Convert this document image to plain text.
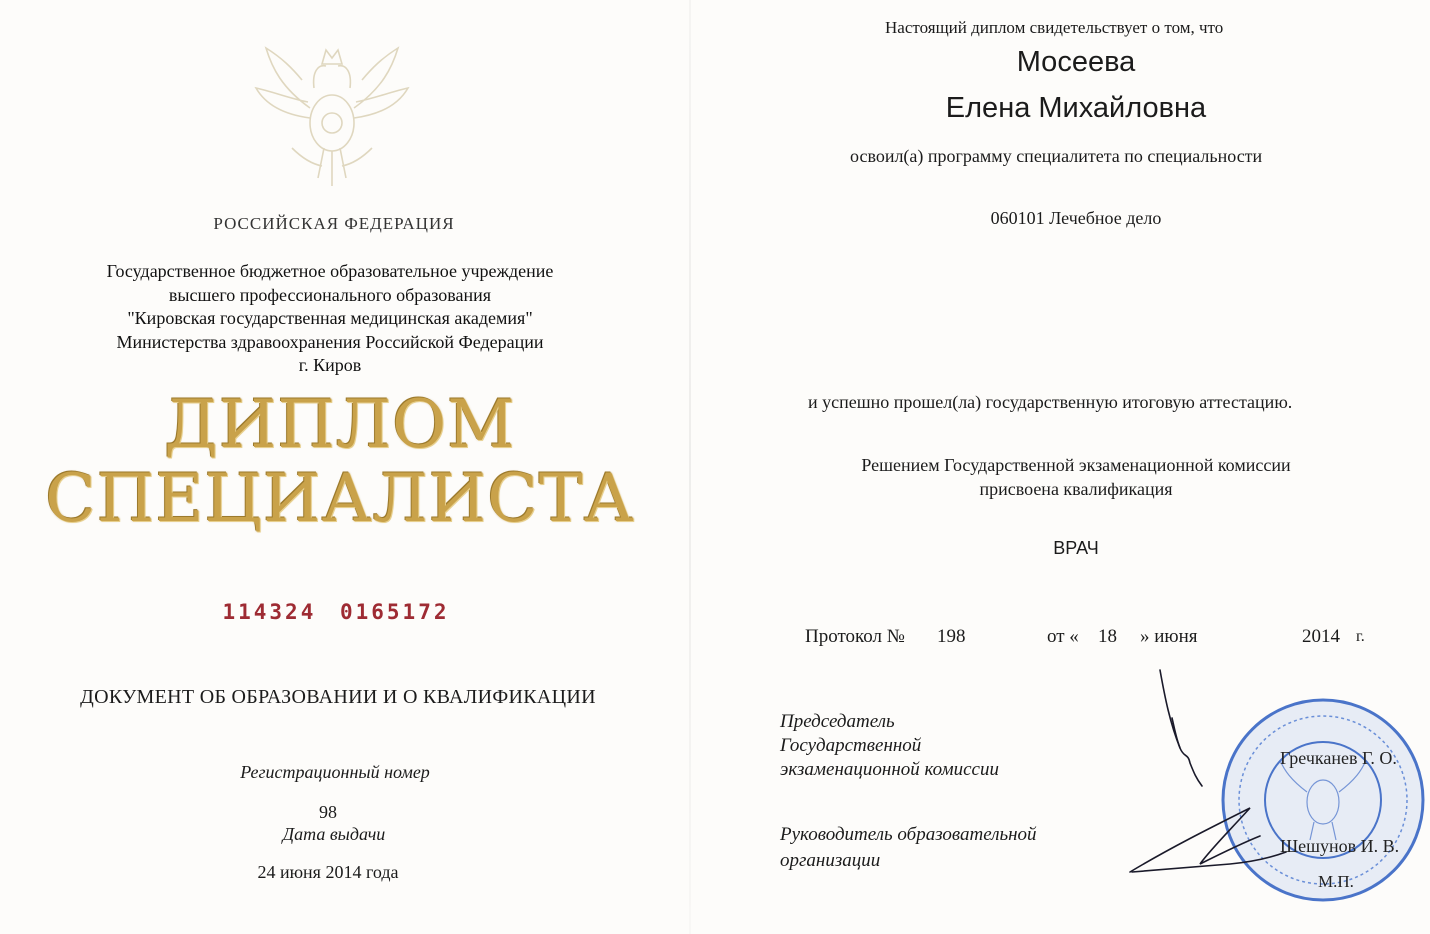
РОССИЙСКАЯ ФЕДЕРАЦИЯ
Государственное бюджетное образовательное учреждение
высшего профессионального образования
"Кировская государственная медицинская академия"
Министерства здравоохранения Российской Федерации
г. Киров
ДИПЛОМ
СПЕЦИАЛИСТА
114324 0165172
ДОКУМЕНТ ОБ ОБРАЗОВАНИИ И О КВАЛИФИКАЦИИ
Регистрационный номер
98
Дата выдачи
24 июня 2014 года
Настоящий диплом свидетельствует о том, что
Мосеева
Елена Михайловна
освоил(а) программу специалитета по специальности
060101 Лечебное дело
и успешно прошел(ла) государственную итоговую аттестацию.
Решением Государственной экзаменационной комиссии
присвоена квалификация
ВРАЧ
Протокол № 198	от « 18 » июня	2014 г.
Председатель
Государственной
экзаменационной комиссии
Руководитель образовательной
организации
Гречканев Г. О.
Шешунов И. В.
М.П.
